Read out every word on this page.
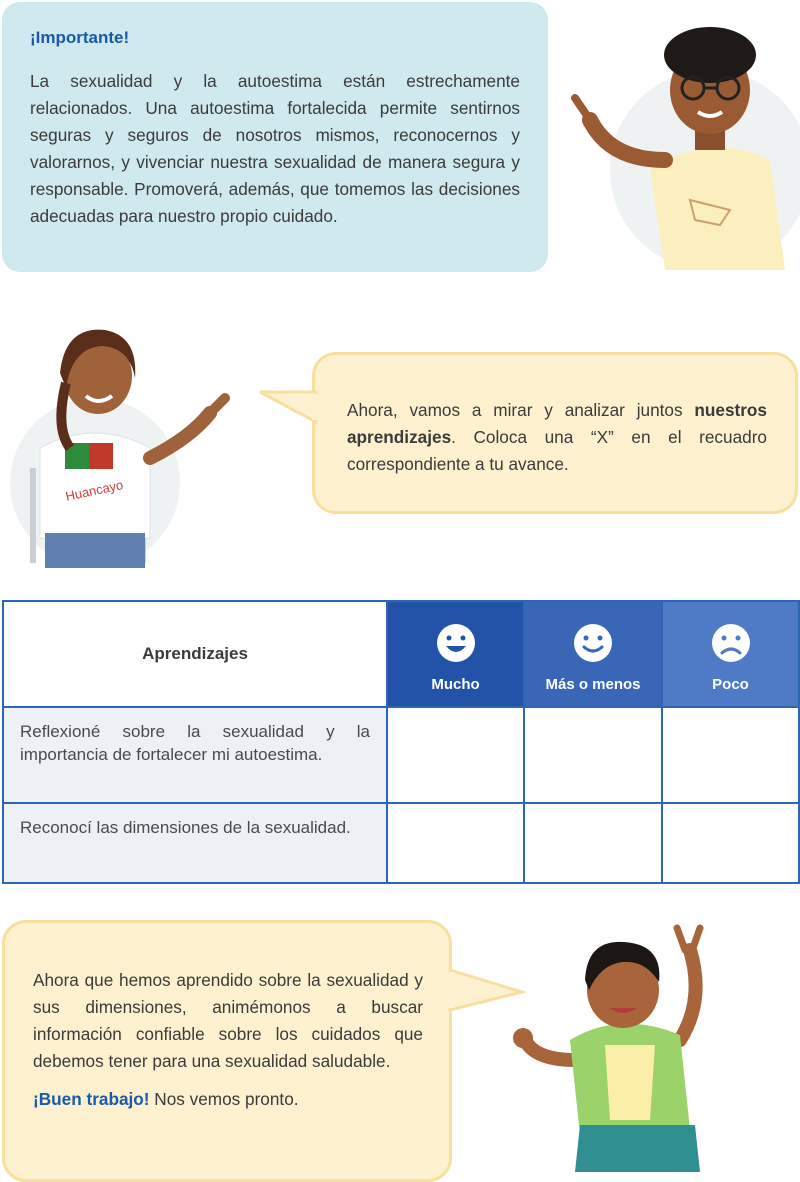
¡Importante!

La sexualidad y la autoestima están estrechamente relacionados. Una autoestima fortalecida permite sentirnos seguras y seguros de nosotros mismos, reconocernos y valorarnos, y vivenciar nuestra sexualidad de manera segura y responsable. Promoverá, además, que tomemos las decisiones adecuadas para nuestro propio cuidado.

Huancayo

Ahora, vamos a mirar y analizar juntos nuestros aprendizajes. Coloca una “X” en el recuadro correspondiente a tu avance.

Aprendizajes	Mucho	Más o menos	Poco
Reflexioné sobre la sexualidad y la importancia de fortalecer mi autoestima.			
Reconocí las dimensiones de la sexualidad.			

Ahora que hemos aprendido sobre la sexualidad y sus dimensiones, animémonos a buscar información confiable sobre los cuidados que debemos tener para una sexualidad saludable.

¡Buen trabajo! Nos vemos pronto.
